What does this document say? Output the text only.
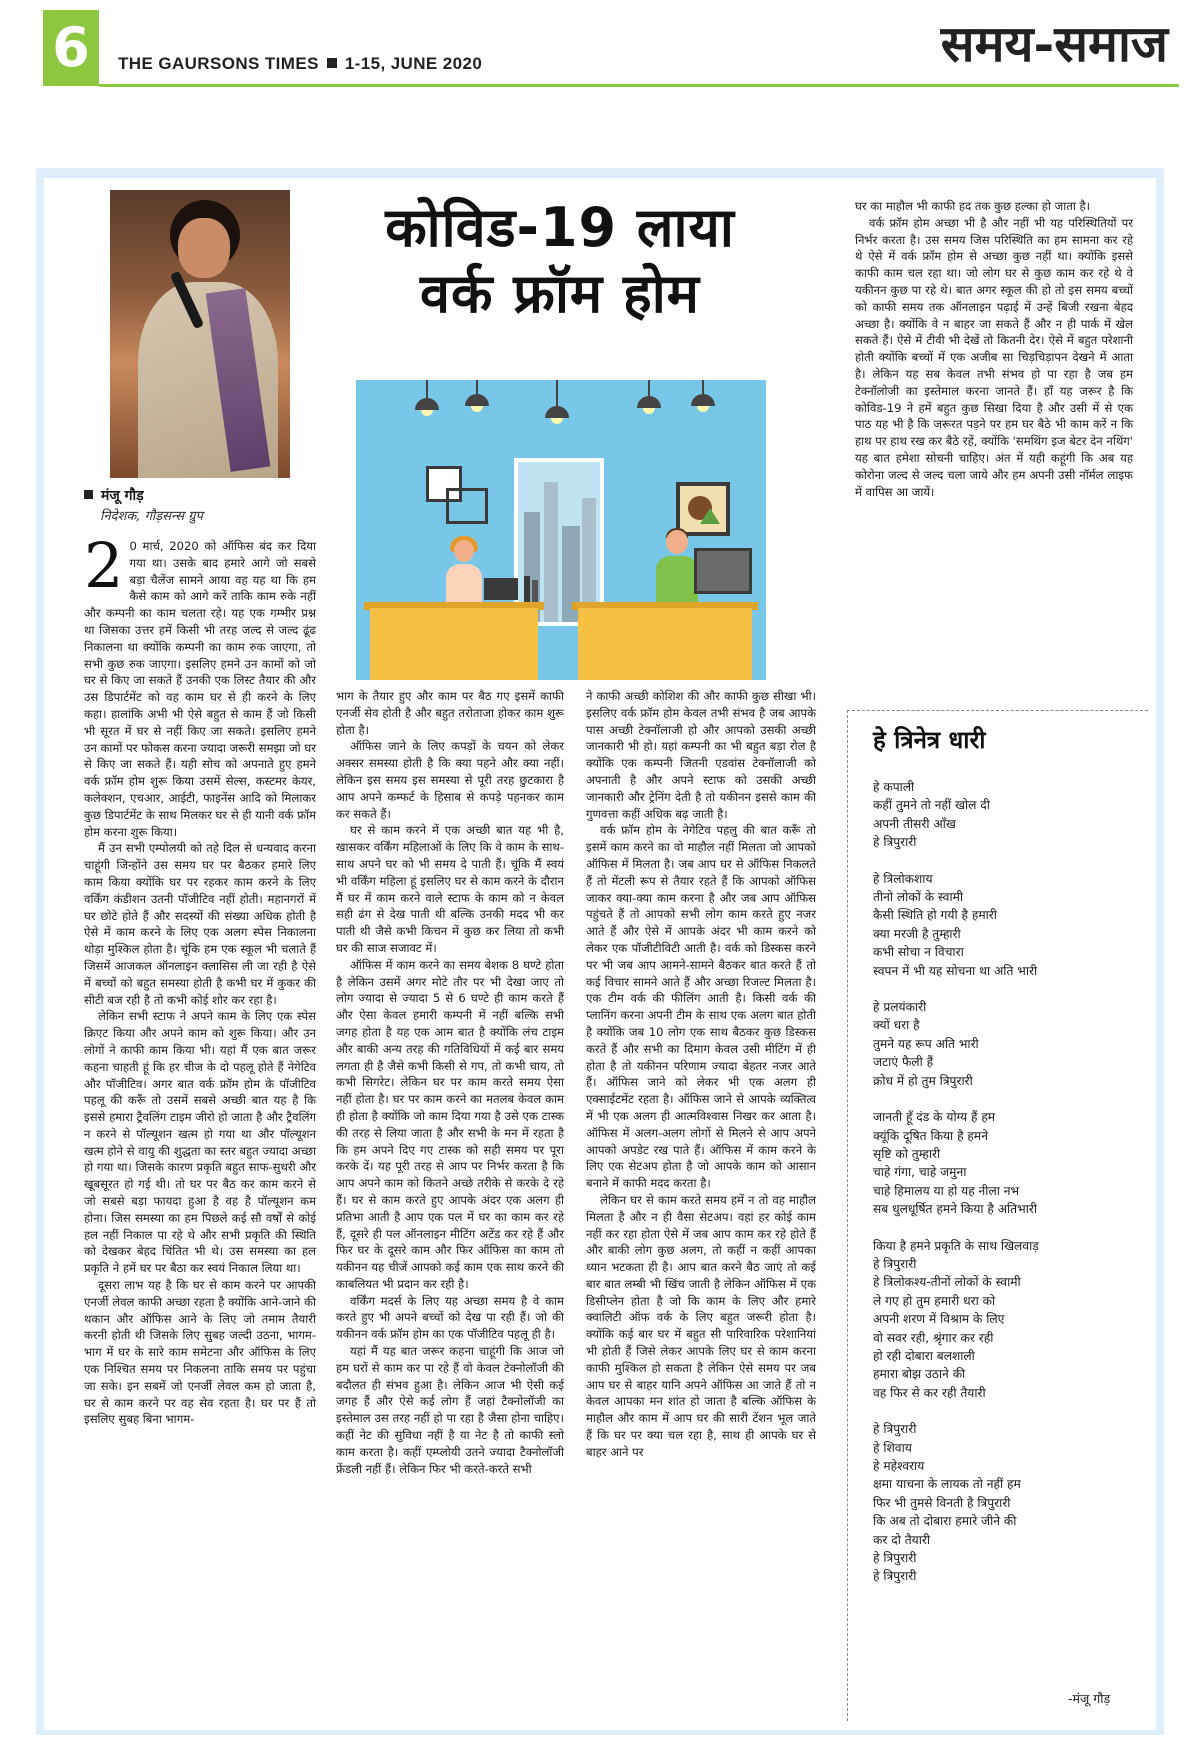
6	THE GAURSONS TIMES 1-15, JUNE 2020	समय-समाज
मंजू गौड़
निदेशक, गौड़सन्स ग्रुप
कोविड-19 लाया
वर्क फ्रॉम होम

2 0 मार्च, 2020 को ऑफिस बंद कर दिया गया था। उसके बाद हमारे आगे जो सबसे बड़ा चैलेंज सामने आया वह यह था कि हम कैसे काम को आगे करें ताकि काम रुके नहीं और कम्पनी का काम चलता रहे। यह एक गम्भीर प्रश्न था जिसका उत्तर हमें किसी भी तरह जल्द से जल्द ढूंढ निकालना था क्योंकि कम्पनी का काम रुक जाएगा, तो सभी कुछ रुक जाएगा। इसलिए हमने उन कामों को जो घर से किए जा सकते हैं उनकी एक लिस्ट तैयार की और उस डिपार्टमेंट को वह काम घर से ही करने के लिए कहा। हालांकि अभी भी ऐसे बहुत से काम हैं जो किसी भी सूरत में घर से नहीं किए जा सकते। इसलिए हमने उन कामों पर फोकस करना ज्यादा जरूरी समझा जो घर से किए जा सकते हैं। यही सोच को अपनाते हुए हमने वर्क फ्रॉम होम शुरू किया उसमें सेल्स, कस्टमर केयर, कलेक्शन, एचआर, आईटी, फाइनेंस आदि को मिलाकर कुछ डिपार्टमेंट के साथ मिलकर घर से ही यानी वर्क फ्रॉम होम करना शुरू किया।

मैं उन सभी एम्पोलयी को तहे दिल से धन्यवाद करना चाहूंगी जिन्होंने उस समय घर पर बैठकर हमारे लिए काम किया क्योंकि घर पर रहकर काम करने के लिए वर्किंग कंडीशन उतनी पॉजीटिव नहीं होती। महानगरों में घर छोटे होते हैं और सदस्यों की संख्या अधिक होती है ऐसे में काम करने के लिए एक अलग स्पेस निकालना थोड़ा मुश्किल होता है। चूंकि हम एक स्कूल भी चलाते हैं जिसमें आजकल ऑनलाइन क्लासिस ली जा रही है ऐसे में बच्चों को बहुत समस्या होती है कभी घर में कुकर की सीटी बज रही है तो कभी कोई शोर कर रहा है।

लेकिन सभी स्टाफ ने अपने काम के लिए एक स्पेस क्रिएट किया और अपने काम को शुरू किया। और उन लोगों ने काफी काम किया भी। यहां मैं एक बात जरूर कहना चाहती हूं कि हर चीज के दो पहलू होते हैं नेगेटिव और पॉजीटिव। अगर बात वर्क फ्रॉम होम के पॉजीटिव पहलू की करूँ तो उसमें सबसे अच्छी बात यह है कि इससे हमारा ट्रैवलिंग टाइम जीरो हो जाता है और ट्रैवलिंग न करने से पॉल्यूशन खत्म हो गया था और पॉल्यूशन खत्म होने से वायु की शुद्धता का स्तर बहुत ज्यादा अच्छा हो गया था। जिसके कारण प्रकृति बहुत साफ-सुथरी और खूबसूरत हो गई थी। तो घर पर बैठ कर काम करने से जो सबसे बड़ा फायदा हुआ है वह है पॉल्यूशन कम होना। जिस समस्या का हम पिछले कई सौ वर्षों से कोई हल नहीं निकाल पा रहे थे और सभी प्रकृति की स्थिति को देखकर बेहद चिंतित भी थे। उस समस्या का हल प्रकृति ने हमें घर पर बैठा कर स्वयं निकाल लिया था।

दूसरा लाभ यह है कि घर से काम करने पर आपकी एनर्जी लेवल काफी अच्छा रहता है क्योंकि आने-जाने की थकान और ऑफिस आने के लिए जो तमाम तैयारी करनी होती थी जिसके लिए सुबह जल्दी उठना, भागम-भाग में घर के सारे काम समेटना और ऑफिस के लिए एक निश्चित समय पर निकलना ताकि समय पर पहुंचा जा सके। इन सबमें जो एनर्जी लेवल कम हो जाता है, घर से काम करने पर वह सेव रहता है। घर पर हैं तो इसलिए सुबह बिना भागम-

भाग के तैयार हुए और काम पर बैठ गए इसमें काफी एनर्जी सेव होती है और बहुत तरोताजा होकर काम शुरू होता है।

ऑफिस जाने के लिए कपड़ों के चयन को लेकर अक्सर समस्या होती है कि क्या पहने और क्या नहीं। लेकिन इस समय इस समस्या से पूरी तरह छुटकारा है आप अपने कम्फर्ट के हिसाब से कपड़े पहनकर काम कर सकते हैं।

घर से काम करने में एक अच्छी बात यह भी है, खासकर वर्किंग महिलाओं के लिए कि वे काम के साथ-साथ अपने घर को भी समय दे पाती हैं। चूंकि मैं स्वयं भी वर्किंग महिला हूं इसलिए घर से काम करने के दौरान मैं घर में काम करने वाले स्टाफ के काम को न केवल सही ढंग से देख पाती थी बल्कि उनकी मदद भी कर पाती थी जैसे कभी किचन में कुछ कर लिया तो कभी घर की साज सजावट में।

ऑफिस में काम करने का समय बेशक 8 घण्टे होता है लेकिन उसमें अगर मोटे तौर पर भी देखा जाए तो लोग ज्यादा से ज्यादा 5 से 6 घण्टे ही काम करते हैं और ऐसा केवल हमारी कम्पनी में नहीं बल्कि सभी जगह होता है यह एक आम बात है क्योंकि लंच टाइम और बाकी अन्य तरह की गतिविधियों में कई बार समय लगता ही है जैसे कभी किसी से गप, तो कभी चाय, तो कभी सिगरेट। लेकिन घर पर काम करते समय ऐसा नहीं होता है। घर पर काम करने का मतलब केवल काम ही होता है क्योंकि जो काम दिया गया है उसे एक टास्क की तरह से लिया जाता है और सभी के मन में रहता है कि हम अपने दिए गए टास्क को सही समय पर पूरा करके दें। यह पूरी तरह से आप पर निर्भर करता है कि आप अपने काम को कितने अच्छे तरीके से करके दे रहे हैं। घर से काम करते हुए आपके अंदर एक अलग ही प्रतिभा आती है आप एक पल में घर का काम कर रहे हैं, दूसरे ही पल ऑनलाइन मीटिंग अटेंड कर रहे हैं और फिर घर के दूसरे काम और फिर ऑफिस का काम तो यकीनन यह चीजें आपको कई काम एक साथ करने की काबलियत भी प्रदान कर रही है।

वर्किंग मदर्स के लिए यह अच्छा समय है वे काम करते हुए भी अपने बच्चों को देख पा रही हैं। जो की यकीनन वर्क फ्रॉम होम का एक पॉजीटिव पहलू ही है।

यहां मैं यह बात जरूर कहना चाहूंगी कि आज जो हम घरों से काम कर पा रहे हैं वो केवल टेक्नोलॉजी की बदौलत ही संभव हुआ है। लेकिन आज भी ऐसी कई जगह हैं और ऐसे कई लोग हैं जहां टैक्नोलॉजी का इस्तेमाल उस तरह नहीं हो पा रहा है जैसा होना चाहिए। कहीं नेट की सुविधा नहीं है या नेट है तो काफी स्लो काम करता है। कहीं एम्प्लोयी उतने ज्यादा टैक्नोलॉजी फ्रेंडली नहीं हैं। लेकिन फिर भी करते-करते सभी

ने काफी अच्छी कोशिश की और काफी कुछ सीखा भी। इसलिए वर्क फ्रॉम होम केवल तभी संभव है जब आपके पास अच्छी टेक्नॉलाजी हो और आपको उसकी अच्छी जानकारी भी हो। यहां कम्पनी का भी बहुत बड़ा रोल है क्योंकि एक कम्पनी जितनी एडवांस टेक्नॉलाजी को अपनाती है और अपने स्टाफ को उसकी अच्छी जानकारी और ट्रेनिंग देती है तो यकीनन इससे काम की गुणवत्ता कहीं अधिक बढ़ जाती है।

वर्क फ्रॉम होम के नेगेटिव पहलु की बात करूँ तो इसमें काम करने का वो माहौल नहीं मिलता जो आपको ऑफिस में मिलता है। जब आप घर से ऑफिस निकलते हैं तो मेंटली रूप से तैयार रहते हैं कि आपको ऑफिस जाकर क्या-क्या काम करना है और जब आप ऑफिस पहुंचते हैं तो आपको सभी लोग काम करते हुए नजर आते हैं और ऐसे में आपके अंदर भी काम करने को लेकर एक पॉजीटीविटी आती है। वर्क को डिस्कस करने पर भी जब आप आमने-सामने बैठकर बात करते हैं तो कई विचार सामने आते हैं और अच्छा रिजल्ट मिलता है। एक टीम वर्क की फीलिंग आती है। किसी वर्क की प्लानिंग करना अपनी टीम के साथ एक अलग बात होती है क्योंकि जब 10 लोग एक साथ बैठकर कुछ डिस्कस करते हैं और सभी का दिमाग केवल उसी मीटिंग में ही होता है तो यकीनन परिणाम ज्यादा बेहतर नजर आते हैं। ऑफिस जाने को लेकर भी एक अलग ही एक्साईटमेंट रहता है। ऑफिस जाने से आपके व्यक्तित्व में भी एक अलग ही आत्मविश्वास निखर कर आता है। ऑफिस में अलग-अलग लोगों से मिलने से आप अपने आपको अपडेट रख पाते हैं। ऑफिस में काम करने के लिए एक सेटअप होता है जो आपके काम को आसान बनाने में काफी मदद करता है।

लेकिन घर से काम करते समय हमें न तो वह माहौल मिलता है और न ही वैसा सेटअप। वहां हर कोई काम नहीं कर रहा होता ऐसे में जब आप काम कर रहे होते हैं और बाकी लोग कुछ अलग, तो कहीं न कहीं आपका ध्यान भटकता ही है। आप बात करने बैठ जाएं तो कई बार बात लम्बी भी खिंच जाती है लेकिन ऑफिस में एक डिसीप्लेन होता है जो कि काम के लिए और हमारे क्वालिटी ऑफ वर्क के लिए बहुत जरूरी होता है। क्योंकि कई बार घर में बहुत सी पारिवारिक परेशानियां भी होती हैं जिसे लेकर आपके लिए घर से काम करना काफी मुश्किल हो सकता है लेकिन ऐसे समय पर जब आप घर से बाहर यानि अपने ऑफिस आ जाते हैं तो न केवल आपका मन शांत हो जाता है बल्कि ऑफिस के माहौल और काम में आप घर की सारी टेंशन भूल जाते हैं कि घर पर क्या चल रहा है, साथ ही आपके घर से बाहर आने पर

घर का माहौल भी काफी हद तक कुछ हल्का हो जाता है।

वर्क फ्रॉम होम अच्छा भी है और नहीं भी यह परिस्थितियों पर निर्भर करता है। उस समय जिस परिस्थिति का हम सामना कर रहे थे ऐसे में वर्क फ्रॉम होम से अच्छा कुछ नहीं था। क्योंकि इससे काफी काम चल रहा था। जो लोग घर से कुछ काम कर रहे थे वे यकीनन कुछ पा रहे थे। बात अगर स्कूल की हो तो इस समय बच्चों को काफी समय तक ऑनलाइन पढ़ाई में उन्हें बिजी रखना बेहद अच्छा है। क्योंकि वे न बाहर जा सकते हैं और न ही पार्क में खेल सकते हैं। ऐसे में टीवी भी देखें तो कितनी देर। ऐसे में बहुत परेशानी होती क्योंकि बच्चों में एक अजीब सा चिड़चिड़ापन देखने में आता है। लेकिन यह सब केवल तभी संभव हो पा रहा है जब हम टेक्नॉलोजी का इस्तेमाल करना जानते हैं। हाँ यह जरूर है कि कोविड-19 ने हमें बहुत कुछ सिखा दिया है और उसी में से एक पाठ यह भी है कि जरूरत पड़ने पर हम घर बैठे भी काम करें न कि हाथ पर हाथ रख कर बैठे रहें, क्योंकि 'समथिंग इज बेटर देन नथिंग' यह बात हमेशा सोचनी चाहिए। अंत में यही कहूंगी कि अब यह कोरोना जल्द से जल्द चला जाये और हम अपनी उसी नॉर्मल लाइफ में वापिस आ जायें।

हे त्रिनेत्र धारी
हे कपाली
कहीं तुमने तो नहीं खोल दी
अपनी तीसरी आँख
हे त्रिपुरारी
हे त्रिलोकशाय
तीनो लोकों के स्वामी
कैसी स्थिति हो गयी है हमारी
क्या मरजी है तुम्हारी
कभी सोचा न विचारा
स्वपन में भी यह सोचना था अति भारी
हे प्रलयंकारी
क्यों धरा है
तुमने यह रूप अति भारी
जटाएं फैली हैं
क्रोध में हो तुम त्रिपुरारी
जानती हूँ दंड के योग्य हैं हम
क्यूंकि दूषित किया है हमने
सृष्टि को तुम्हारी
चाहे गंगा, चाहे जमुना
चाहे हिमालय या हो यह नीला नभ
सब धुलधूर्षित हमने किया है अतिभारी
किया है हमने प्रकृति के साथ खिलवाड़
हे त्रिपुरारी
हे त्रिलोकश्य-तीनों लोकों के स्वामी
ले गए हो तुम हमारी धरा को
अपनी शरण में विश्राम के लिए
वो सवर रही, श्रृंगार कर रही
हो रही दोबारा बलशाली
हमारा बोझ उठाने की
वह फिर से कर रही तैयारी
हे त्रिपुरारी
हे शिवाय
हे महेश्वराय
क्षमा याचना के लायक तो नहीं हम
फिर भी तुमसे विनती है त्रिपुरारी
कि अब तो दोबारा हमारे जीने की
कर दो तैयारी
हे त्रिपुरारी
हे त्रिपुरारी
-मंजू गौड़
